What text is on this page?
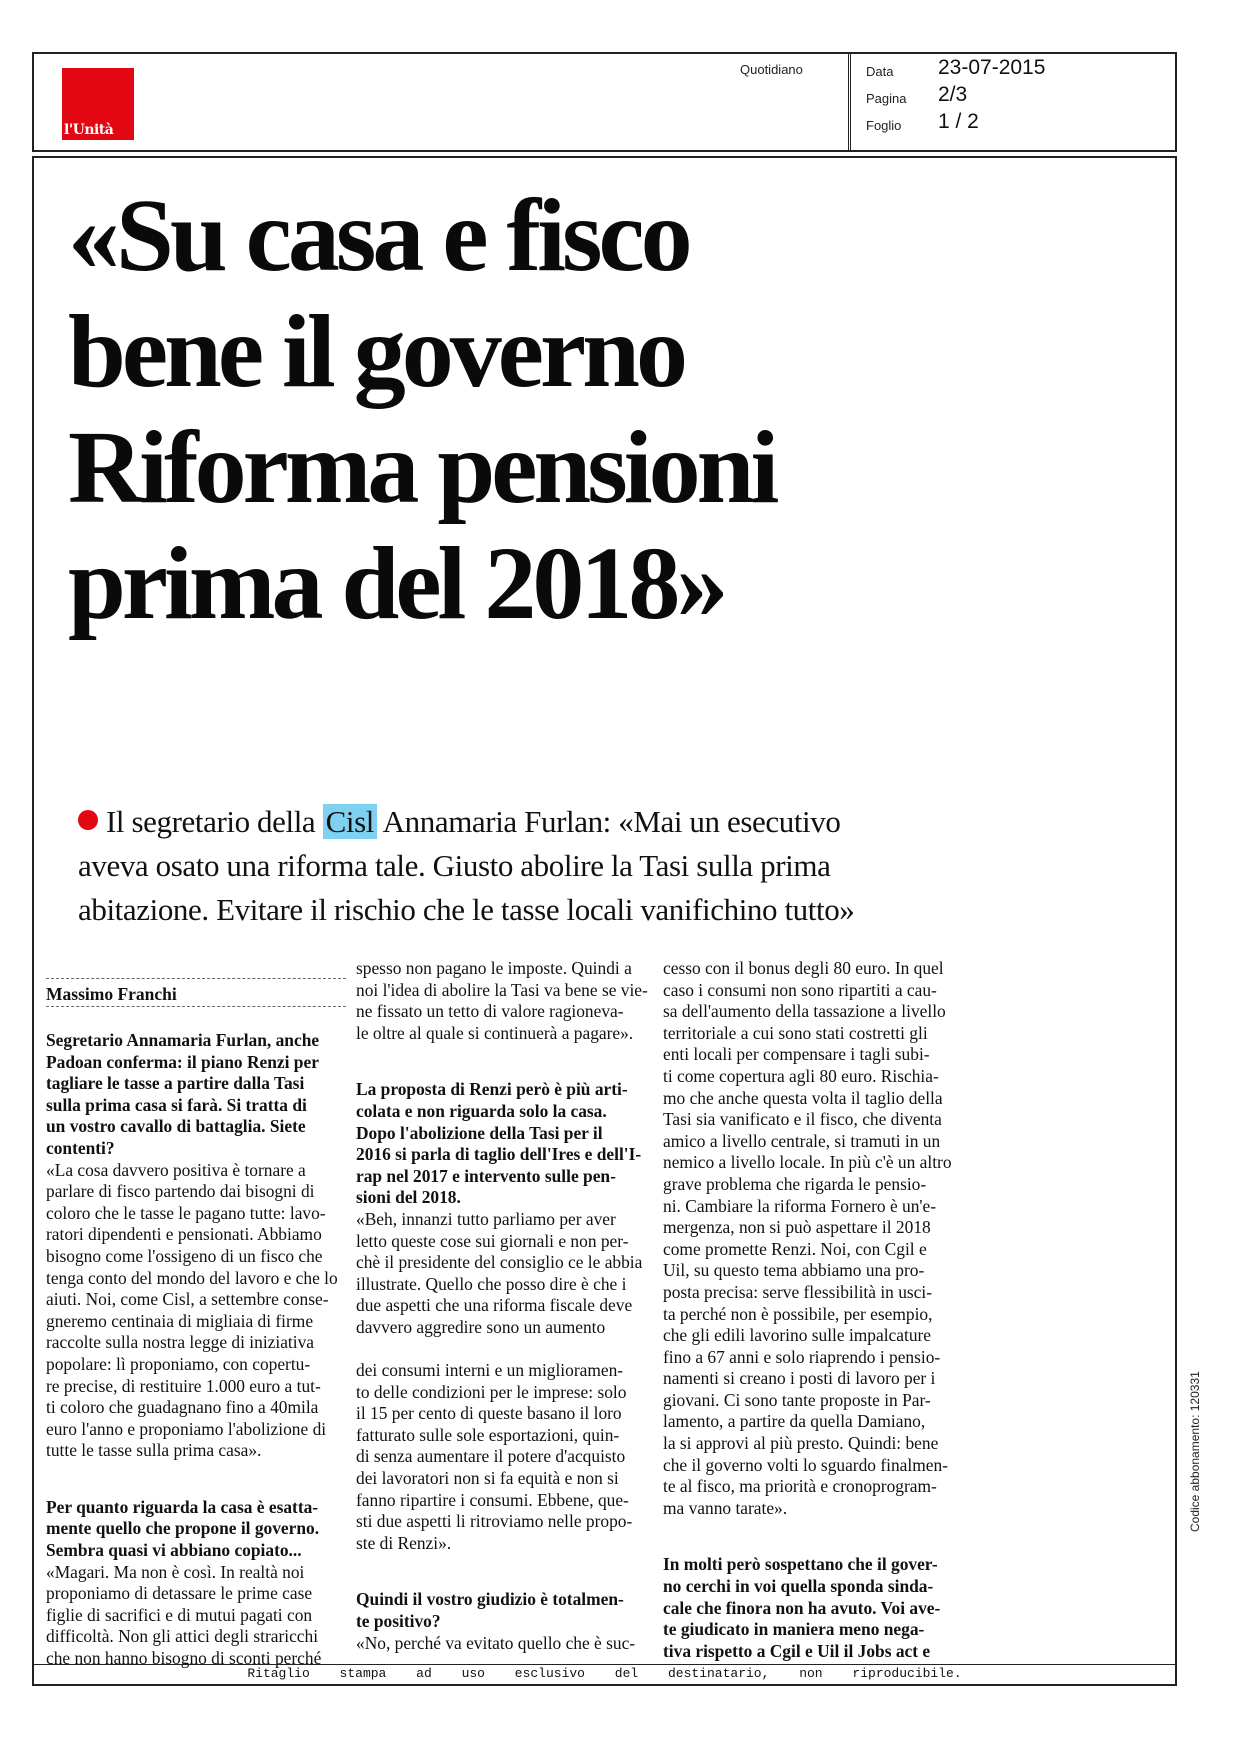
l'Unità
Quotidiano	Data 23-07-2015
Pagina 2/3
Foglio 1 / 2
«Su casa e fisco
bene il governo
Riforma pensioni
prima del 2018»
Il segretario della Cisl Annamaria Furlan: «Mai un esecutivo
aveva osato una riforma tale. Giusto abolire la Tasi sulla prima
abitazione. Evitare il rischio che le tasse locali vanifichino tutto»
Massimo Franchi
Segretario Annamaria Furlan, anche
Padoan conferma: il piano Renzi per
tagliare le tasse a partire dalla Tasi
sulla prima casa si farà. Si tratta di
un vostro cavallo di battaglia. Siete
contenti?
«La cosa davvero positiva è tornare a
parlare di fisco partendo dai bisogni di
coloro che le tasse le pagano tutte: lavo-
ratori dipendenti e pensionati. Abbiamo
bisogno come l'ossigeno di un fisco che
tenga conto del mondo del lavoro e che lo
aiuti. Noi, come Cisl, a settembre conse-
gneremo centinaia di migliaia di firme
raccolte sulla nostra legge di iniziativa
popolare: lì proponiamo, con copertu-
re precise, di restituire 1.000 euro a tut-
ti coloro che guadagnano fino a 40mila
euro l'anno e proponiamo l'abolizione di
tutte le tasse sulla prima casa».
Per quanto riguarda la casa è esatta-
mente quello che propone il governo.
Sembra quasi vi abbiano copiato...
«Magari. Ma non è così. In realtà noi
proponiamo di detassare le prime case
figlie di sacrifici e di mutui pagati con
difficoltà. Non gli attici degli straricchi
che non hanno bisogno di sconti perché
spesso non pagano le imposte. Quindi a
noi l'idea di abolire la Tasi va bene se vie-
ne fissato un tetto di valore ragioneva-
le oltre al quale si continuerà a pagare».
La proposta di Renzi però è più arti-
colata e non riguarda solo la casa.
Dopo l'abolizione della Tasi per il
2016 si parla di taglio dell'Ires e dell'I-
rap nel 2017 e intervento sulle pen-
sioni del 2018.
«Beh, innanzi tutto parliamo per aver
letto queste cose sui giornali e non per-
chè il presidente del consiglio ce le abbia
illustrate. Quello che posso dire è che i
due aspetti che una riforma fiscale deve
davvero aggredire sono un aumento
dei consumi interni e un miglioramen-
to delle condizioni per le imprese: solo
il 15 per cento di queste basano il loro
fatturato sulle sole esportazioni, quin-
di senza aumentare il potere d'acquisto
dei lavoratori non si fa equità e non si
fanno ripartire i consumi. Ebbene, que-
sti due aspetti li ritroviamo nelle propo-
ste di Renzi».
Quindi il vostro giudizio è totalmen-
te positivo?
«No, perché va evitato quello che è suc-
cesso con il bonus degli 80 euro. In quel
caso i consumi non sono ripartiti a cau-
sa dell'aumento della tassazione a livello
territoriale a cui sono stati costretti gli
enti locali per compensare i tagli subi-
ti come copertura agli 80 euro. Rischia-
mo che anche questa volta il taglio della
Tasi sia vanificato e il fisco, che diventa
amico a livello centrale, si tramuti in un
nemico a livello locale. In più c'è un altro
grave problema che rigarda le pensio-
ni. Cambiare la riforma Fornero è un'e-
mergenza, non si può aspettare il 2018
come promette Renzi. Noi, con Cgil e
Uil, su questo tema abbiamo una pro-
posta precisa: serve flessibilità in usci-
ta perché non è possibile, per esempio,
che gli edili lavorino sulle impalcature
fino a 67 anni e solo riaprendo i pensio-
namenti si creano i posti di lavoro per i
giovani. Ci sono tante proposte in Par-
lamento, a partire da quella Damiano,
la si approvi al più presto. Quindi: bene
che il governo volti lo sguardo finalmen-
te al fisco, ma priorità e cronoprogram-
ma vanno tarate».
In molti però sospettano che il gover-
no cerchi in voi quella sponda sinda-
cale che finora non ha avuto. Voi ave-
te giudicato in maniera meno nega-
tiva rispetto a Cgil e Uil il Jobs act e
Ritaglio stampa ad uso esclusivo del destinatario, non riproducibile.
Codice abbonamento: 120331
